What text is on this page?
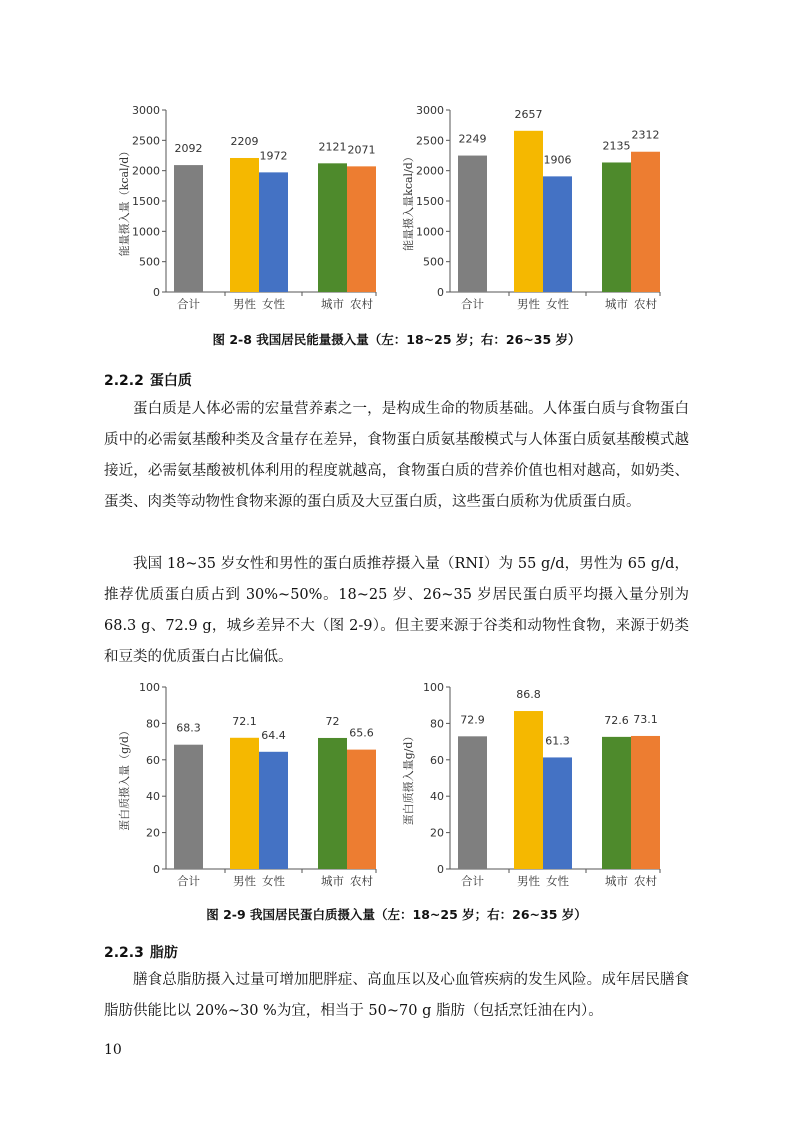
0
500
1000
1500
2000
2500
3000
能量摄入量（kcal/d）	2092
合计
2209
男性
1972
女性
2121
城市
2071
农村
0
500
1000
1500
2000
2500
3000
能量摄入量kcal/d）
2249
合计
2657
男性
1906
女性
2135
城市
2312
农村
图 2-8 我国居民能量摄入量（左：18~25 岁；右：26~35 岁）
2.2.2 蛋白质

蛋白质是人体必需的宏量营养素之一，是构成生命的物质基础。人体蛋白质与食物蛋白质中的必需氨基酸种类及含量存在差异，食物蛋白质氨基酸模式与人体蛋白质氨基酸模式越接近，必需氨基酸被机体利用的程度就越高，食物蛋白质的营养价值也相对越高，如奶类、蛋类、肉类等动物性食物来源的蛋白质及大豆蛋白质，这些蛋白质称为优质蛋白质。

我国 18~35 岁女性和男性的蛋白质推荐摄入量（RNI）为 55 g/d，男性为 65 g/d，推荐优质蛋白质占到 30%~50%。18~25 岁、26~35 岁居民蛋白质平均摄入量分别为 68.3 g、72.9 g，城乡差异不大（图 2-9）。但主要来源于谷类和动物性食物，来源于奶类和豆类的优质蛋白占比偏低。

0
20
40
60
80
100
蛋白质摄入量（g/d）	68.3
合计
72.1
男性
64.4
女性
72
城市
65.6
农村
0
20
40
60
80
100
蛋白质摄入量g/d）
72.9
合计
86.8
男性
61.3
女性
72.6
城市
73.1
农村
图 2-9 我国居民蛋白质摄入量（左：18~25 岁；右：26~35 岁）
2.2.3 脂肪

膳食总脂肪摄入过量可增加肥胖症、高血压以及心血管疾病的发生风险。成年居民膳食脂肪供能比以 20%~30 %为宜，相当于 50~70 g 脂肪（包括烹饪油在内）。

10
